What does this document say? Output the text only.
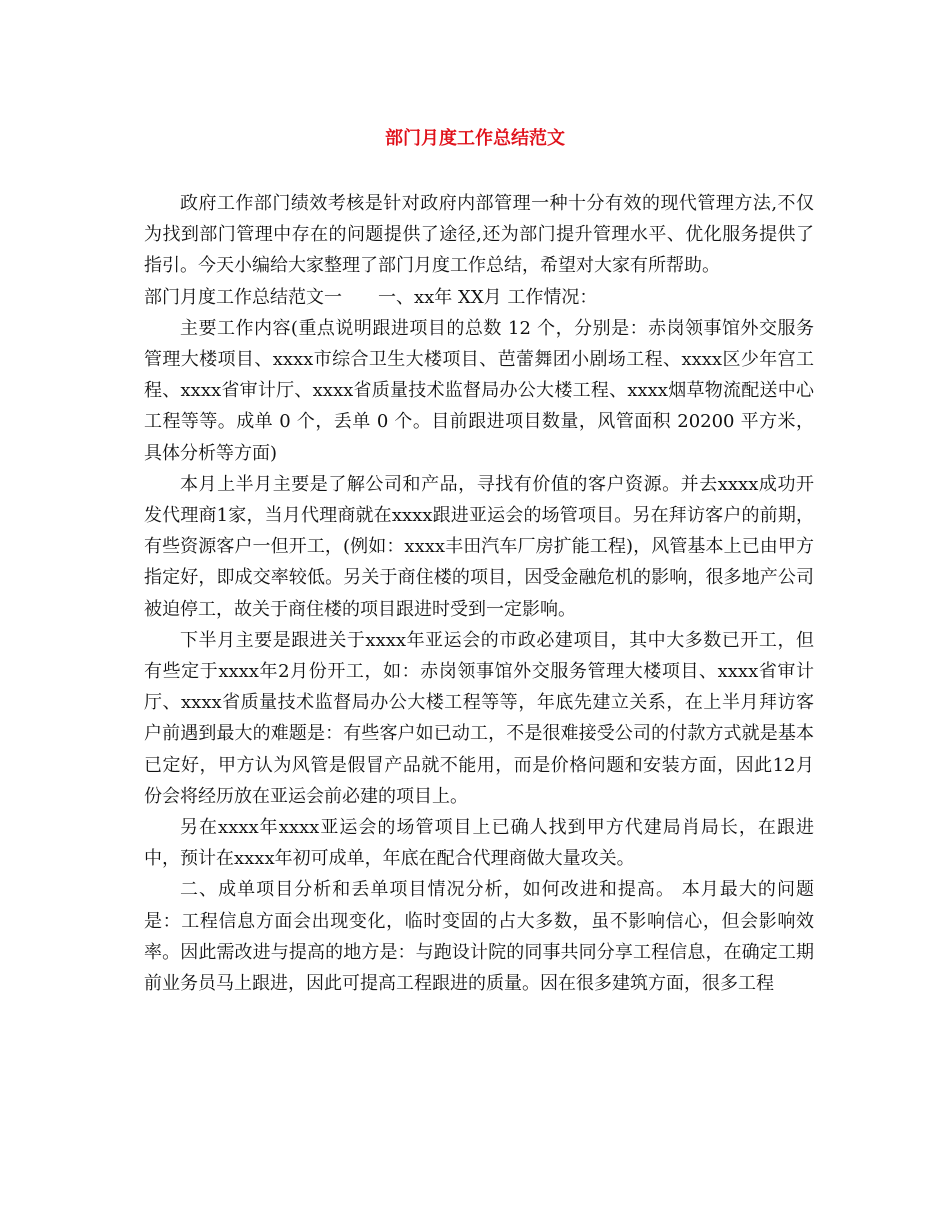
部门月度工作总结范文

政府工作部门绩效考核是针对政府内部管理一种十分有效的现代管理方法,不仅为找到部门管理中存在的问题提供了途径,还为部门提升管理水平、优化服务提供了指引。今天小编给大家整理了部门月度工作总结，希望对大家有所帮助。

部门月度工作总结范文一　　一、xx年 XX月 工作情况：

主要工作内容(重点说明跟进项目的总数 12 个，分别是：赤岗领事馆外交服务管理大楼项目、xxxx市综合卫生大楼项目、芭蕾舞团小剧场工程、xxxx区少年宫工程、xxxx省审计厅、xxxx省质量技术监督局办公大楼工程、xxxx烟草物流配送中心工程等等。成单 0 个，丢单 0 个。目前跟进项目数量，风管面积 20200 平方米，具体分析等方面)

本月上半月主要是了解公司和产品，寻找有价值的客户资源。并去xxxx成功开发代理商1家，当月代理商就在xxxx跟进亚运会的场管项目。另在拜访客户的前期，有些资源客户一但开工，(例如：xxxx丰田汽车厂房扩能工程)，风管基本上已由甲方指定好，即成交率较低。另关于商住楼的项目，因受金融危机的影响，很多地产公司被迫停工，故关于商住楼的项目跟进时受到一定影响。

下半月主要是跟进关于xxxx年亚运会的市政必建项目，其中大多数已开工，但有些定于xxxx年2月份开工，如：赤岗领事馆外交服务管理大楼项目、xxxx省审计厅、xxxx省质量技术监督局办公大楼工程等等，年底先建立关系，在上半月拜访客户前遇到最大的难题是：有些客户如已动工，不是很难接受公司的付款方式就是基本已定好，甲方认为风管是假冒产品就不能用，而是价格问题和安装方面，因此12月份会将经历放在亚运会前必建的项目上。

另在xxxx年xxxx亚运会的场管项目上已确人找到甲方代建局肖局长，在跟进中，预计在xxxx年初可成单，年底在配合代理商做大量攻关。

二、成单项目分析和丢单项目情况分析，如何改进和提高。 本月最大的问题是：工程信息方面会出现变化，临时变固的占大多数，虽不影响信心，但会影响效率。因此需改进与提高的地方是：与跑设计院的同事共同分享工程信息，在确定工期前业务员马上跟进，因此可提高工程跟进的质量。因在很多建筑方面，很多工程
